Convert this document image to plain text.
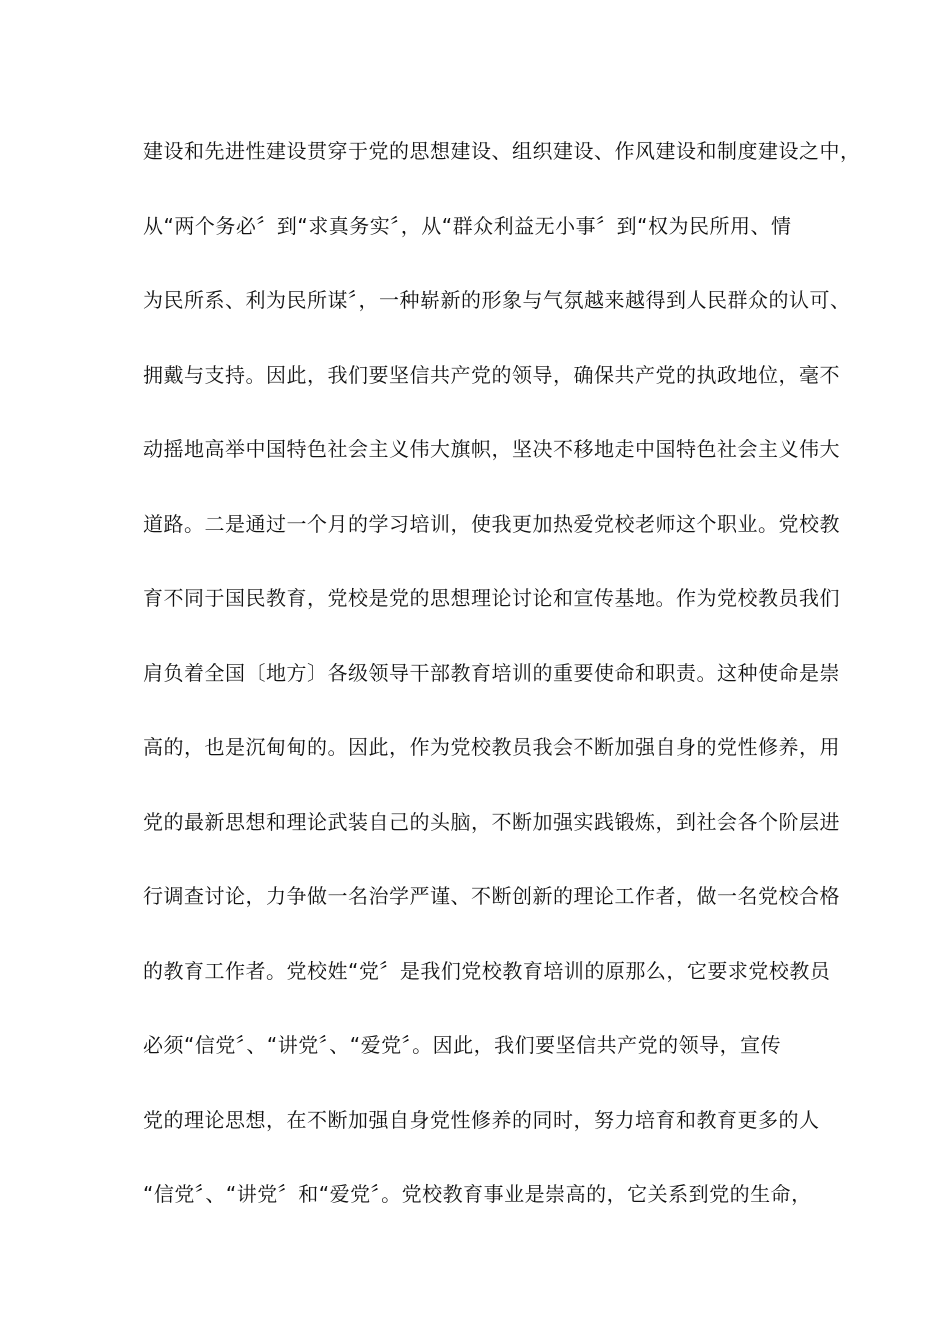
建设和先进性建设贯穿于党的思想建设、组织建设、作风建设和制度建设之中，
从“两个务必〞到“求真务实〞，从“群众利益无小事〞到“权为民所用、情
为民所系、利为民所谋〞，一种崭新的形象与气氛越来越得到人民群众的认可、
拥戴与支持。因此，我们要坚信共产党的领导，确保共产党的执政地位，毫不
动摇地高举中国特色社会主义伟大旗帜，坚决不移地走中国特色社会主义伟大
道路。二是通过一个月的学习培训，使我更加热爱党校老师这个职业。党校教
育不同于国民教育，党校是党的思想理论讨论和宣传基地。作为党校教员我们
肩负着全国〔地方〕各级领导干部教育培训的重要使命和职责。这种使命是崇
高的，也是沉甸甸的。因此，作为党校教员我会不断加强自身的党性修养，用
党的最新思想和理论武装自己的头脑，不断加强实践锻炼，到社会各个阶层进
行调查讨论，力争做一名治学严谨、不断创新的理论工作者，做一名党校合格
的教育工作者。党校姓“党〞是我们党校教育培训的原那么，它要求党校教员
必须“信党〞、“讲党〞、“爱党〞。因此，我们要坚信共产党的领导，宣传
党的理论思想，在不断加强自身党性修养的同时，努力培育和教育更多的人
“信党〞、“讲党〞和“爱党〞。党校教育事业是崇高的，它关系到党的生命，
